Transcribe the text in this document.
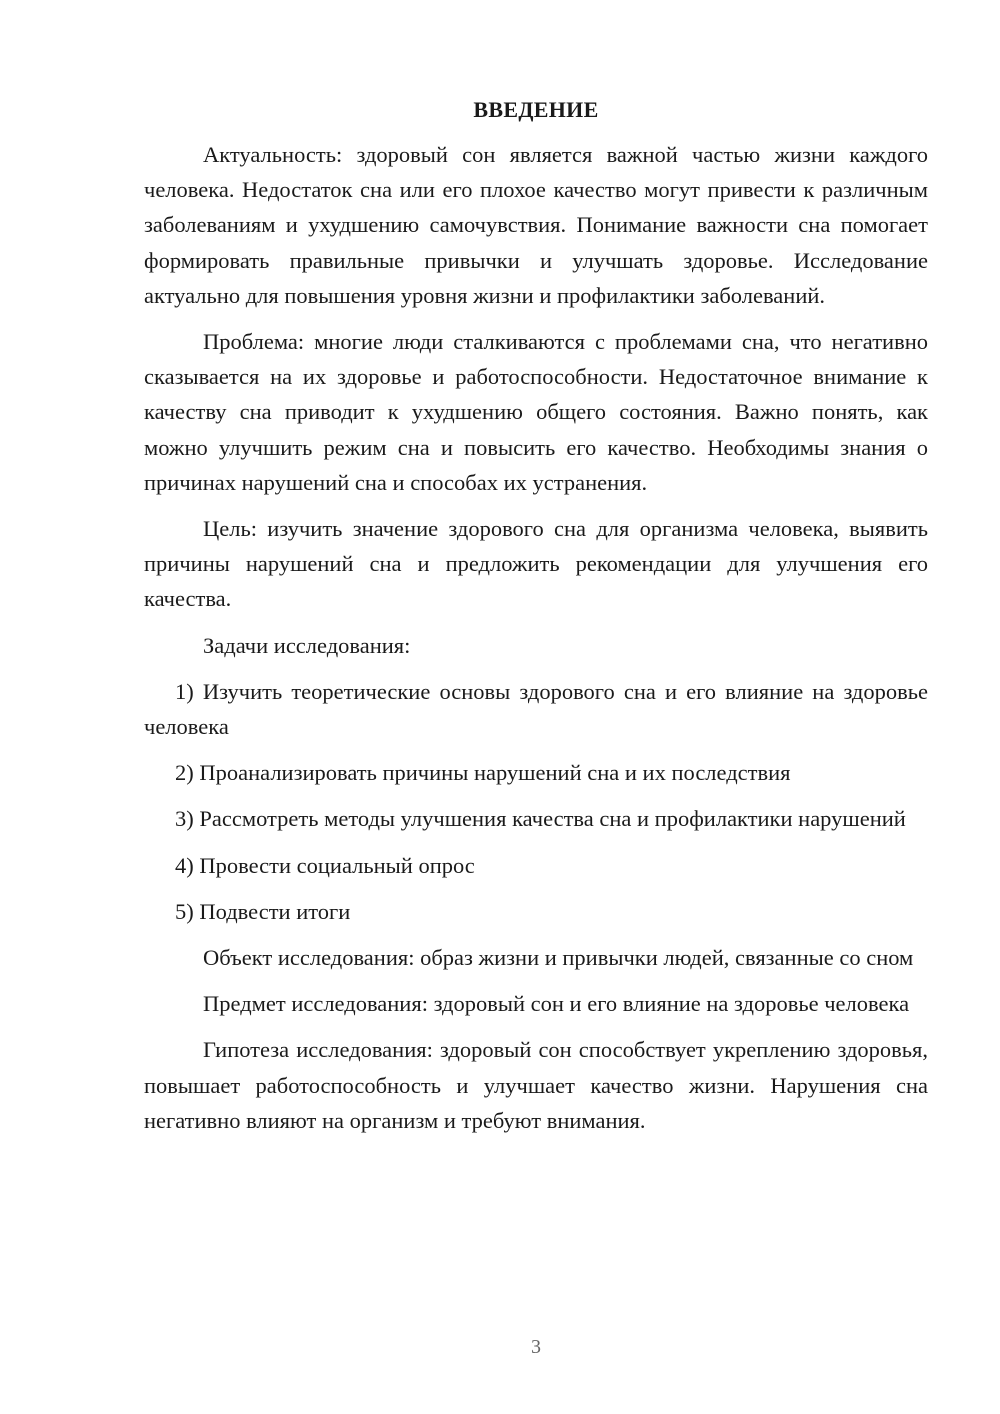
ВВЕДЕНИЕ

Актуальность: здоровый сон является важной частью жизни каждого человека. Недостаток сна или его плохое качество могут привести к различным заболеваниям и ухудшению самочувствия. Понимание важности сна помогает формировать правильные привычки и улучшать здоровье. Исследование актуально для повышения уровня жизни и профилактики заболеваний.

Проблема: многие люди сталкиваются с проблемами сна, что негативно сказывается на их здоровье и работоспособности. Недостаточное внимание к качеству сна приводит к ухудшению общего состояния. Важно понять, как можно улучшить режим сна и повысить его качество. Необходимы знания о причинах нарушений сна и способах их устранения.

Цель: изучить значение здорового сна для организма человека, выявить причины нарушений сна и предложить рекомендации для улучшения его качества.

Задачи исследования:

1) Изучить теоретические основы здорового сна и его влияние на здоровье человека

2) Проанализировать причины нарушений сна и их последствия

3) Рассмотреть методы улучшения качества сна и профилактики нарушений

4) Провести социальный опрос

5) Подвести итоги

Объект исследования: образ жизни и привычки людей, связанные со сном

Предмет исследования: здоровый сон и его влияние на здоровье человека

Гипотеза исследования: здоровый сон способствует укреплению здоровья, повышает работоспособность и улучшает качество жизни. Нарушения сна негативно влияют на организм и требуют внимания.

3
